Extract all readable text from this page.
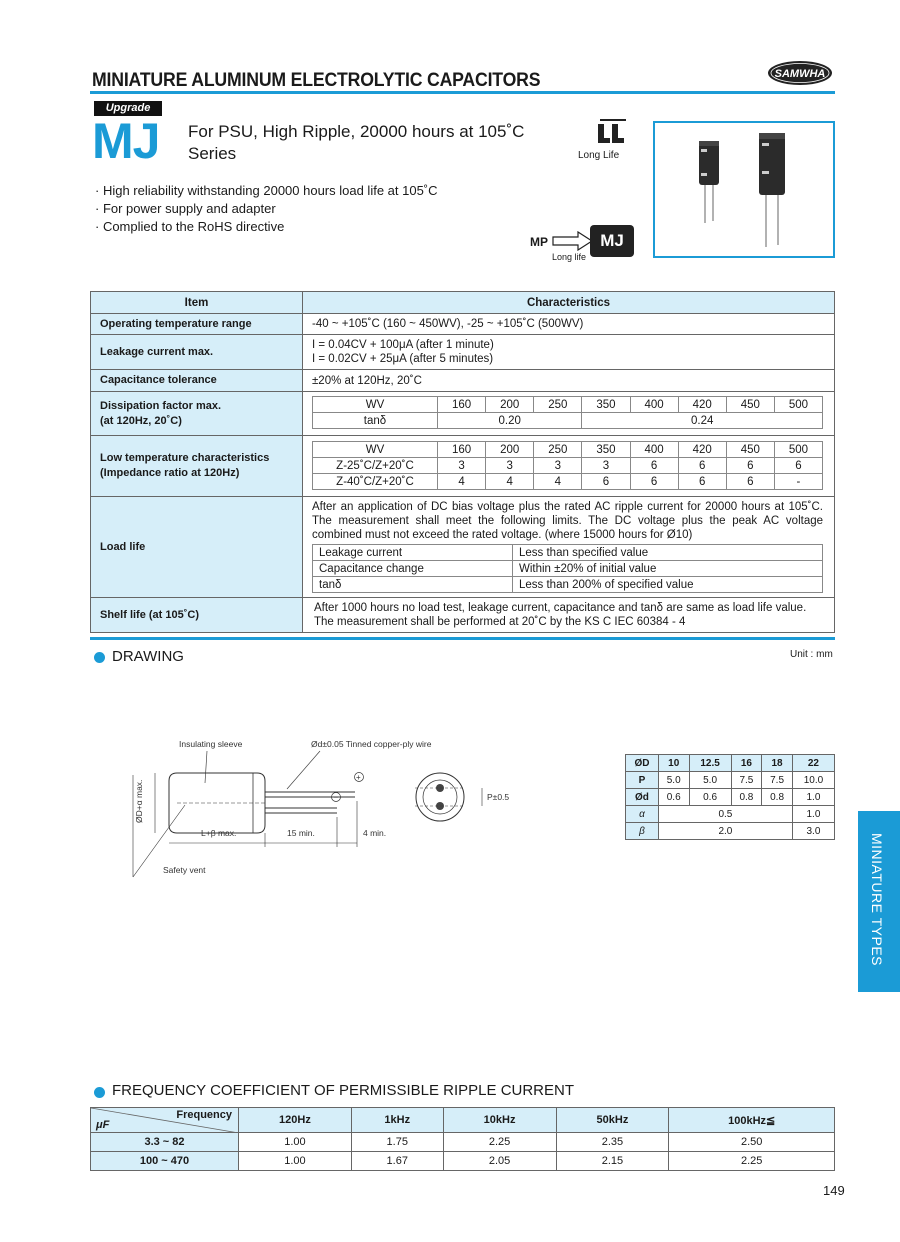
MINIATURE ALUMINUM ELECTROLYTIC CAPACITORS	SAMWHA
Upgrade
MJ For PSU, High Ripple, 20000 hours at 105˚C
Series	Long Life
· High reliability withstanding 20000 hours load life at 105˚C
· For power supply and adapter
· Complied to the RoHS directive
MP
Long life
MJ
Item	Characteristics
Operating temperature range	-40 ~ +105˚C (160 ~ 450WV), -25 ~ +105˚C (500WV)
Leakage current max.	
I = 0.04CV + 100μA (after 1 minute)
I = 0.02CV + 25μA (after 5 minutes)

Capacitance tolerance	±20% at 120Hz, 20˚C

Dissipation factor max.
(at 120Hz, 20˚C)

WV	160	200	250	350	400	420	450	500
tanδ	0.20	0.24

Low temperature characteristics
(Impedance ratio at 120Hz)

WV	160	200	250	350	400	420	450	500
Z-25˚C/Z+20˚C	3	3	3	3	6	6	6	6
Z-40˚C/Z+20˚C	4	4	4	6	6	6	6	-

Load life	
After an application of DC bias voltage plus the rated AC ripple current for 20000 hours at 105˚C. The measurement shall meet the following limits. The DC voltage plus the peak AC voltage combined must not exceed the rated voltage. (where 15000 hours for Ø10)
Leakage current	Less than specified value
Capacitance change	Within ±20% of initial value
tanδ	Less than 200% of specified value

Shelf life (at 105˚C)	
After 1000 hours no load test, leakage current, capacitance and tanδ are same as load life value.
The measurement shall be performed at 20˚C by the KS C IEC 60384 - 4
DRAWING	Unit : mm
Insulating sleeve	Ød±0.05 Tinned copper-ply wire
+
−
ØD+α max.
L+β max.	15 min.	4 min.
Safety vent
P±0.5
ØD	10	12.5	16	18	22
P	5.0	5.0	7.5	7.5	10.0
Ød	0.6	0.6	0.8	0.8	1.0
α	0.5				1.0
β	2.0				3.0
MINIATURE TYPES
FREQUENCY COEFFICIENT OF PERMISSIBLE RIPPLE CURRENT
Frequency
μF	120Hz	1kHz	10kHz	50kHz	100kHz≦
3.3 ~ 82	1.00	1.75	2.25	2.35	2.50
100 ~ 470	1.00	1.67	2.05	2.15	2.25
149
